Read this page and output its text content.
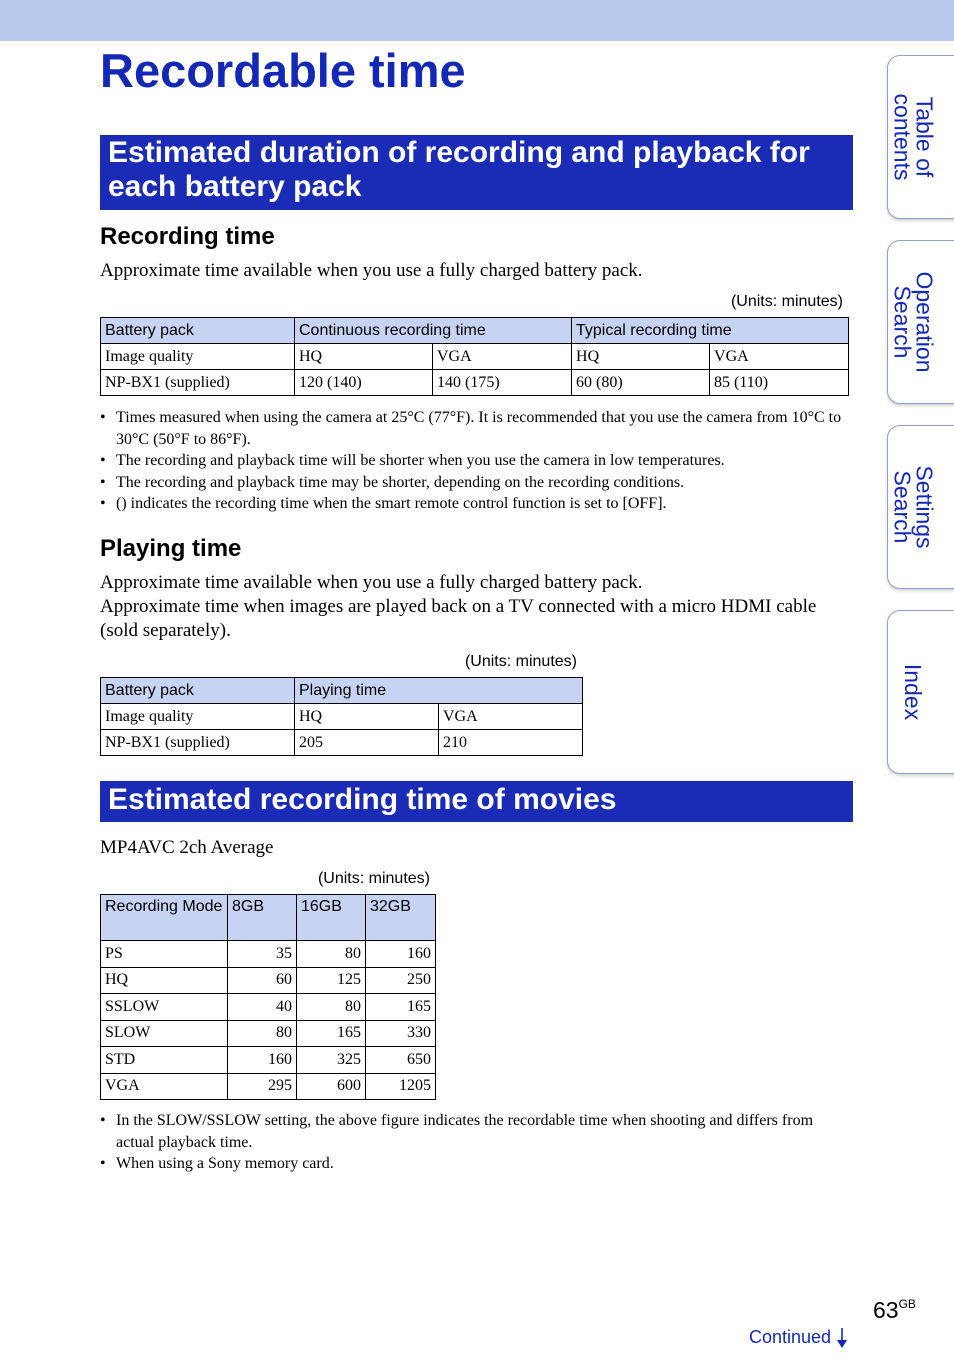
Recordable time
Estimated duration of recording and playback for each battery pack
Recording time

Approximate time available when you use a fully charged battery pack.

(Units: minutes)
Battery pack	Continuous recording time		Typical recording time	
Image quality	HQ	VGA	HQ	VGA
NP-BX1 (supplied)	120 (140)	140 (175)	60 (80)	85 (110)
• Times measured when using the camera at 25°C (77°F). It is recommended that you use the camera from 10°C to 30°C (50°F to 86°F).
• The recording and playback time will be shorter when you use the camera in low temperatures.
• The recording and playback time may be shorter, depending on the recording conditions.
• () indicates the recording time when the smart remote control function is set to [OFF].
Playing time

Approximate time available when you use a fully charged battery pack.

Approximate time when images are played back on a TV connected with a micro HDMI cable (sold separately).

(Units: minutes)
Battery pack	Playing time	
Image quality	HQ	VGA
NP-BX1 (supplied)	205	210
Estimated recording time of movies

MP4AVC 2ch Average

(Units: minutes)
Recording Mode	8GB	16GB	32GB
PS	35	80	160
HQ	60	125	250
SSLOW	40	80	165
SLOW	80	165	330
STD	160	325	650
VGA	295	600	1205
• In the SLOW/SSLOW setting, the above figure indicates the recordable time when shooting and differs from actual playback time.
• When using a Sony memory card.
Table of
contents
Operation
Search
Settings
Search
Index
$63^{GB}$
Continued
